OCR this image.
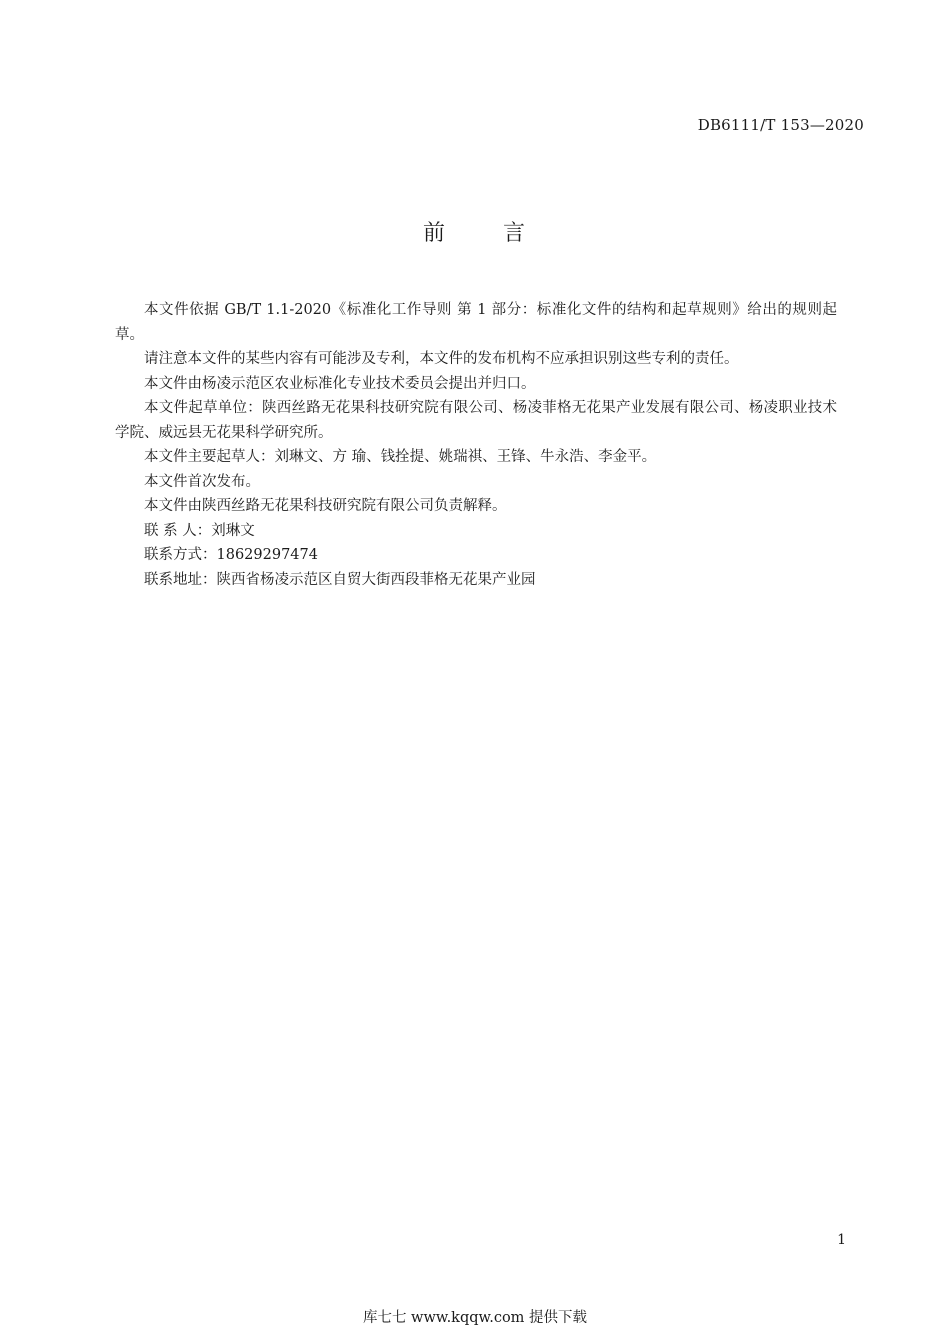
DB6111/T 153—2020
前	言

本文件依据 GB/T 1.1-2020《标准化工作导则 第 1 部分：标准化文件的结构和起草规则》给出的规则起草。

请注意本文件的某些内容有可能涉及专利，本文件的发布机构不应承担识别这些专利的责任。

本文件由杨凌示范区农业标准化专业技术委员会提出并归口。

本文件起草单位：陕西丝路无花果科技研究院有限公司、杨凌菲格无花果产业发展有限公司、杨凌职业技术学院、威远县无花果科学研究所。

本文件主要起草人：刘琳文、方 瑜、钱拴提、姚瑞祺、王锋、牛永浩、李金平。

本文件首次发布。

本文件由陕西丝路无花果科技研究院有限公司负责解释。

联 系 人：刘琳文

联系方式：18629297474

联系地址：陕西省杨凌示范区自贸大街西段菲格无花果产业园

1
库七七 www.kqqw.com 提供下载
